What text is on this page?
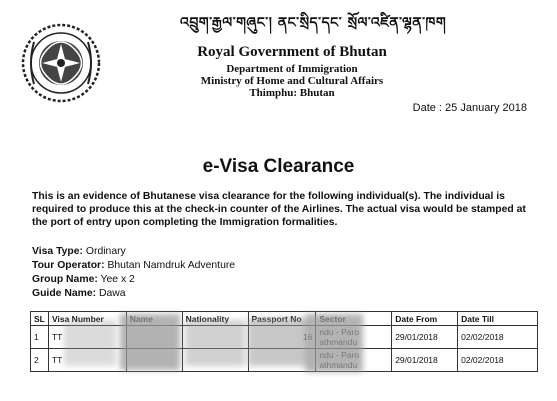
འབྲུག་རྒྱལ་གཞུང་། ནང་སྲིད་དང་ སྲོལ་འཛིན་ལྷན་ཁག
Royal Government of Bhutan
Department of Immigration
Ministry of Home and Cultural Affairs
Thimphu: Bhutan
Date : 25 January 2018
e-Visa Clearance
This is an evidence of Bhutanese visa clearance for the following individual(s). The individual is required to produce this at the check-in counter of the Airlines. The actual visa would be stamped at the port of entry upon completing the Immigration formalities.
Visa Type: Ordinary
Tour Operator: Bhutan Namdruk Adventure
Group Name: Yee x 2
Guide Name: Dawa
SL	Visa Number		Nationality			Date From	Date Till
1	TT					29/01/2018	02/02/2018
2	TT					29/01/2018	02/02/2018
